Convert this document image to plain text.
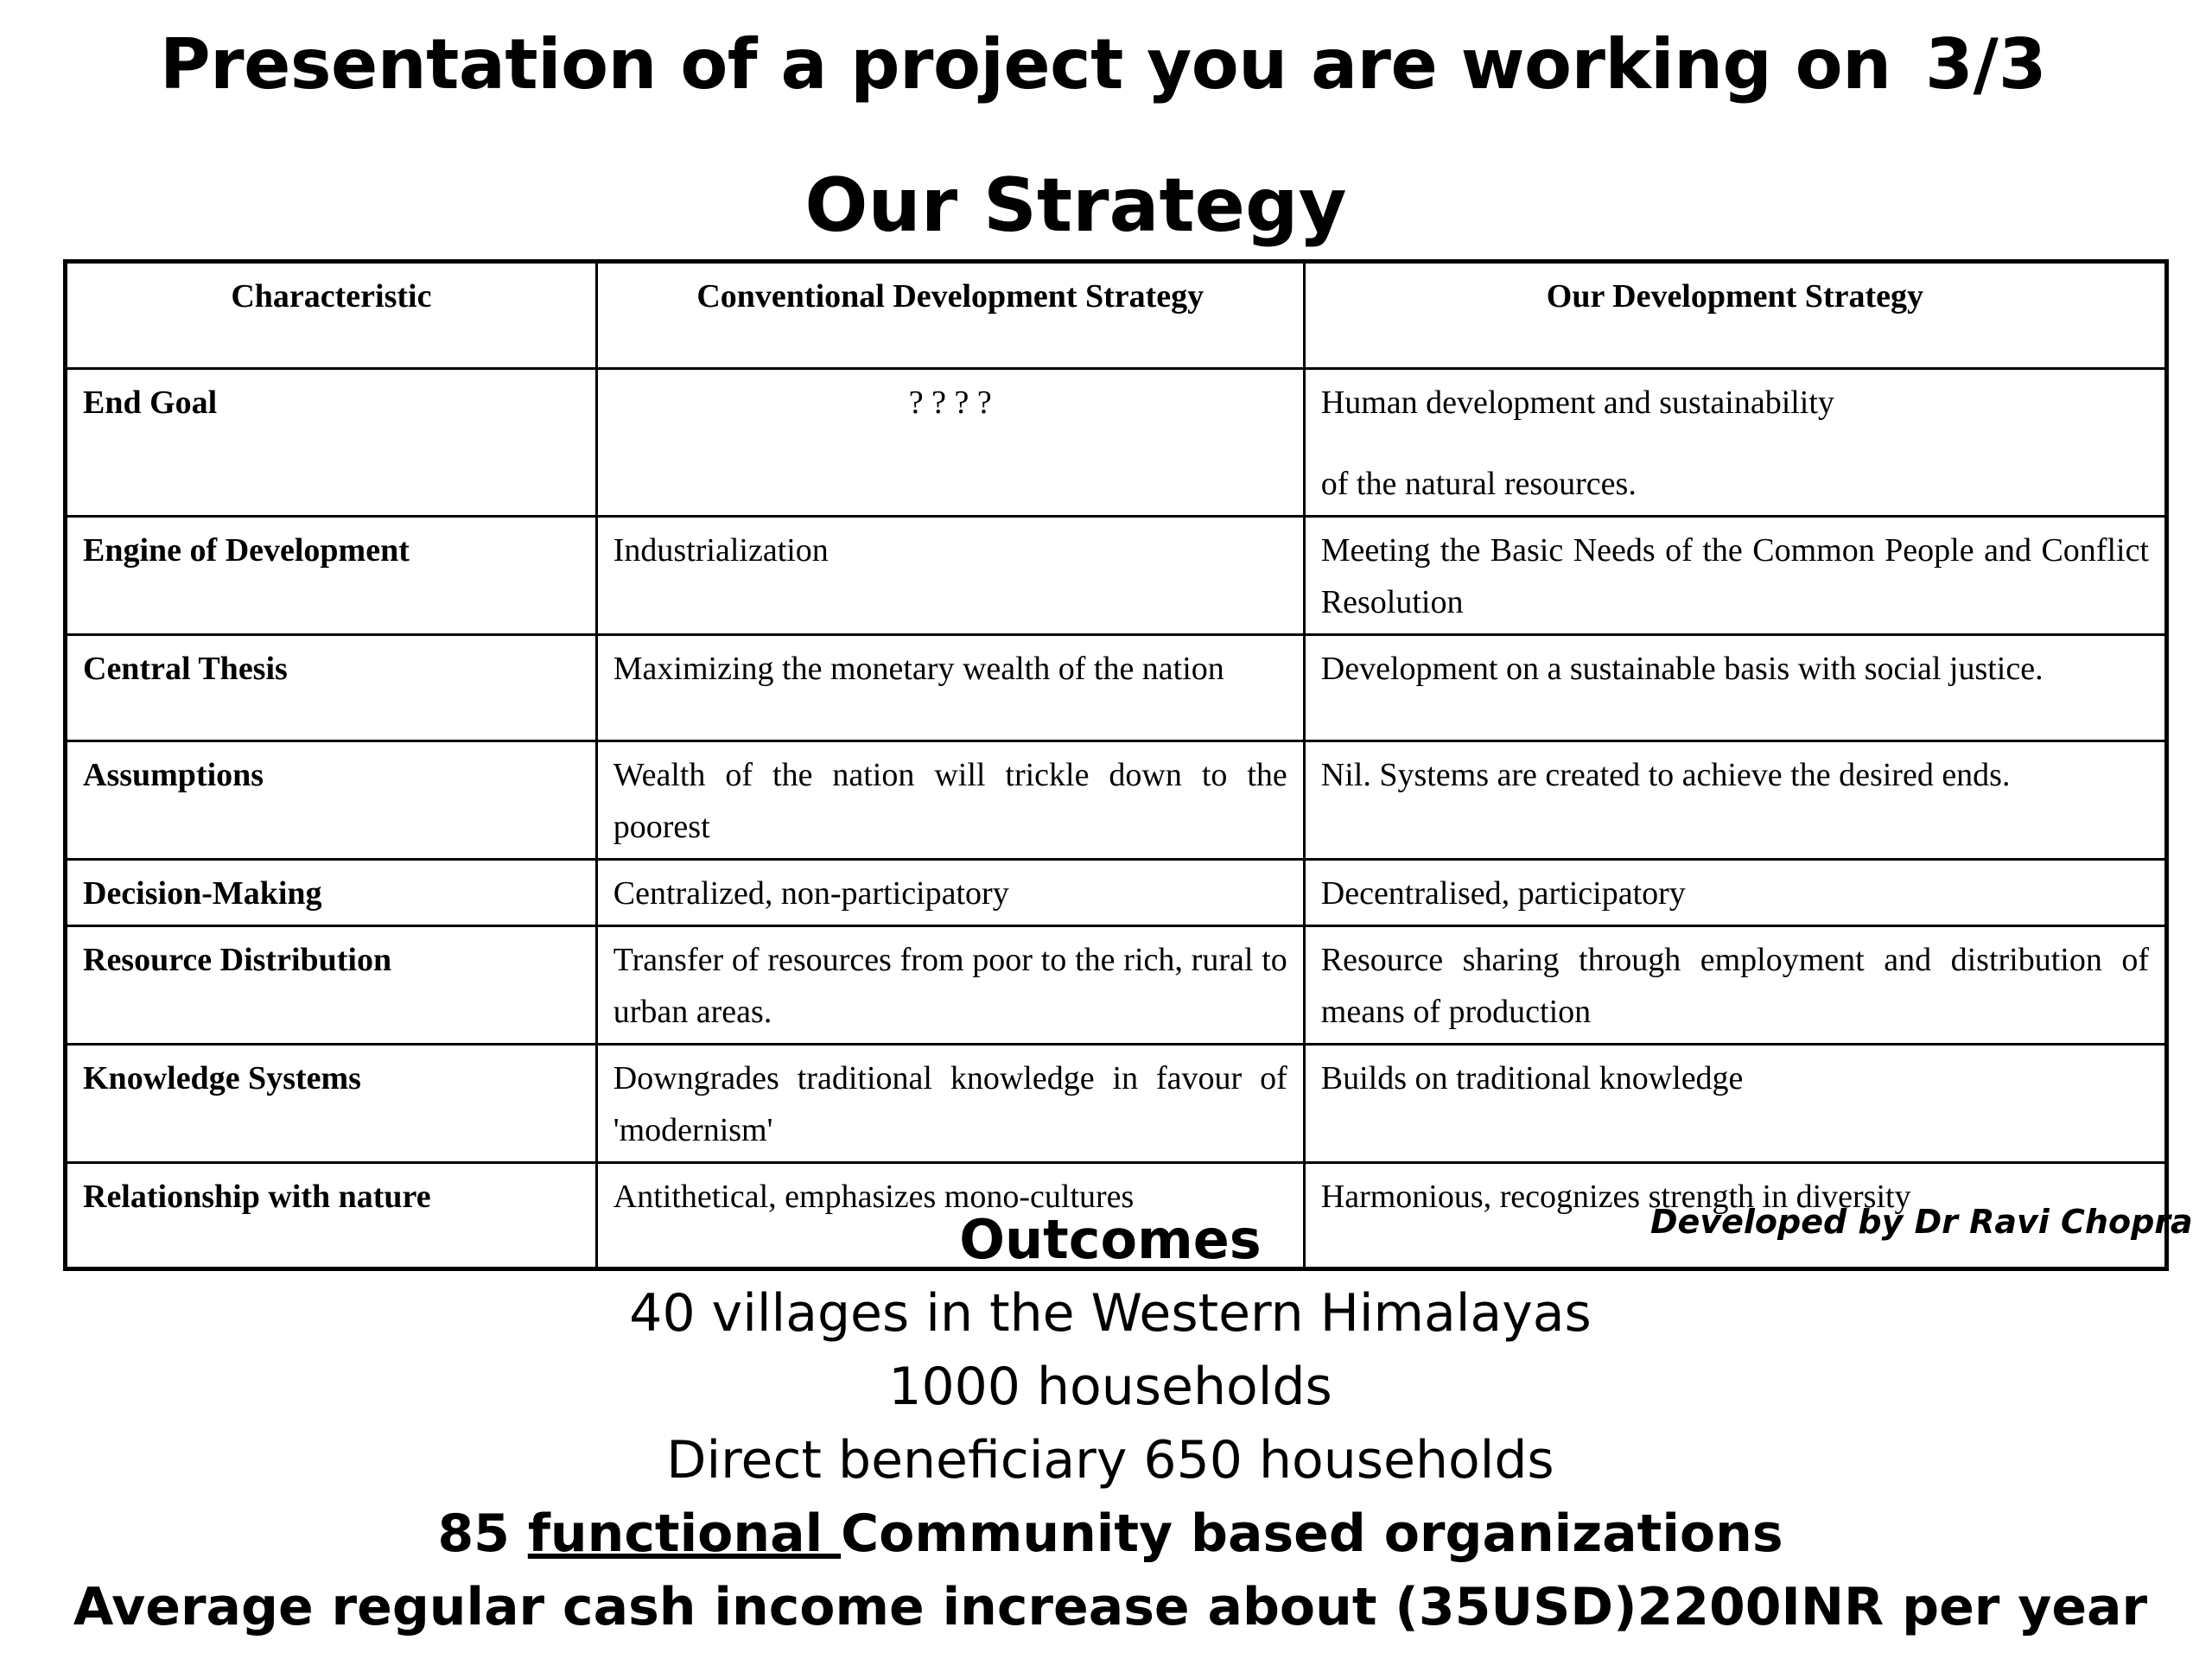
Presentation of a project you are working on 3/3
Our Strategy
Characteristic	Conventional Development Strategy	Our Development Strategy
End Goal	? ? ? ?	Human development and sustainability
of the natural resources.
Engine of Development	Industrialization	Meeting the Basic Needs of the Common People and Conflict Resolution
Central Thesis	Maximizing the monetary wealth of the nation	Development on a sustainable basis with social justice.
Assumptions	Wealth of the nation will trickle down to the poorest	Nil. Systems are created to achieve the desired ends.
Decision-Making	Centralized, non-participatory	Decentralised, participatory
Resource Distribution	Transfer of resources from poor to the rich, rural to urban areas.	Resource sharing through employment and distribution of means of production
Knowledge Systems	Downgrades traditional knowledge in favour of 'modernism'	Builds on traditional knowledge
Relationship with nature	Antithetical, emphasizes mono-cultures	Harmonious, recognizes strength in diversity
Outcomes
40 villages in the Western Himalayas
1000 households
Direct beneficiary 650 households
85 functional Community based organizations
Average regular cash income increase about (35USD)2200INR per year
Developed by Dr Ravi Chopra
